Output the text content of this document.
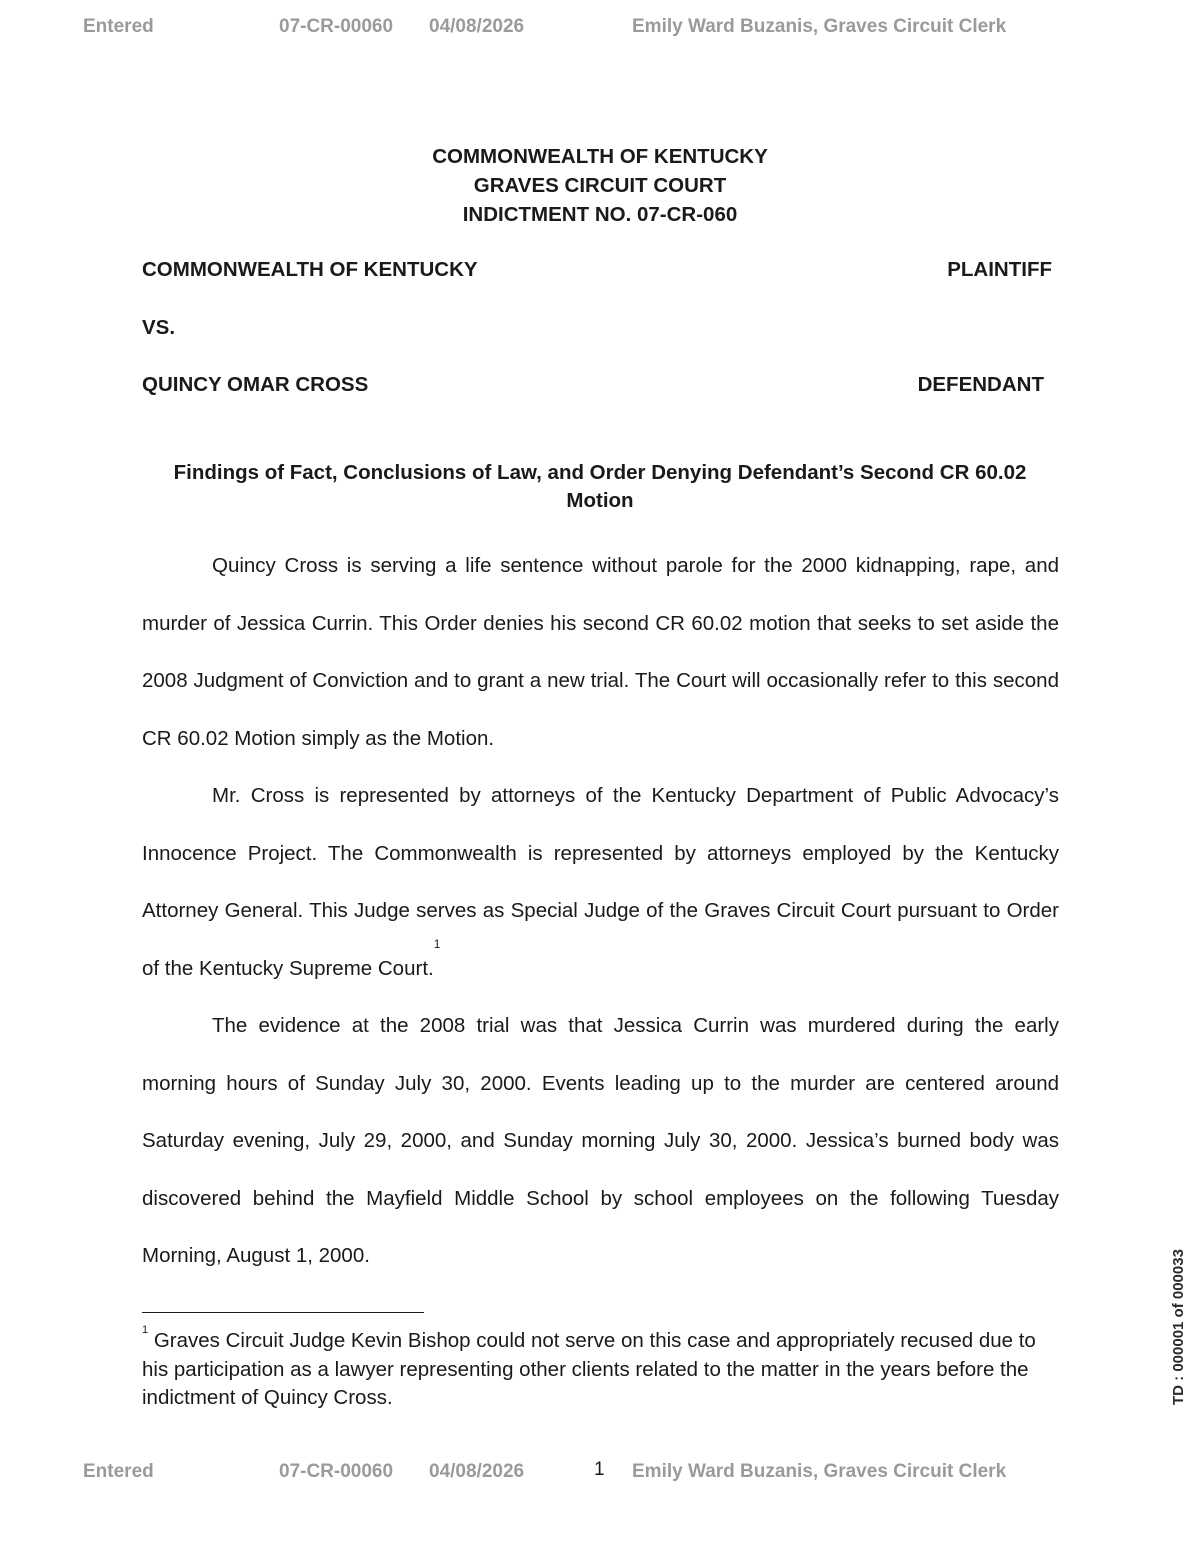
Entered	07-CR-00060 04/08/2026	Emily Ward Buzanis, Graves Circuit Clerk
COMMONWEALTH OF KENTUCKY
GRAVES CIRCUIT COURT
INDICTMENT NO. 07-CR-060
COMMONWEALTH OF KENTUCKY	PLAINTIFF
VS.
QUINCY OMAR CROSS	DEFENDANT
Findings of Fact, Conclusions of Law, and Order Denying Defendant’s Second CR 60.02 Motion

Quincy Cross is serving a life sentence without parole for the 2000 kidnapping, rape, and murder of Jessica Currin. This Order denies his second CR 60.02 motion that seeks to set aside the 2008 Judgment of Conviction and to grant a new trial. The Court will occasionally refer to this second CR 60.02 Motion simply as the Motion.

Mr. Cross is represented by attorneys of the Kentucky Department of Public Advocacy’s Innocence Project. The Commonwealth is represented by attorneys employed by the Kentucky Attorney General. This Judge serves as Special Judge of the Graves Circuit Court pursuant to Order of the Kentucky Supreme Court.$^1$

The evidence at the 2008 trial was that Jessica Currin was murdered during the early morning hours of Sunday July 30, 2000. Events leading up to the murder are centered around Saturday evening, July 29, 2000, and Sunday morning July 30, 2000. Jessica’s burned body was discovered behind the Mayfield Middle School by school employees on the following Tuesday Morning, August 1, 2000.

$^1$ Graves Circuit Judge Kevin Bishop could not serve on this case and appropriately recused due to his participation as a lawyer representing other clients related to the matter in the years before the indictment of Quincy Cross.	TD : 000001 of 000033
Entered	07-CR-00060 04/08/2026	Emily Ward Buzanis, Graves Circuit Clerk
1
